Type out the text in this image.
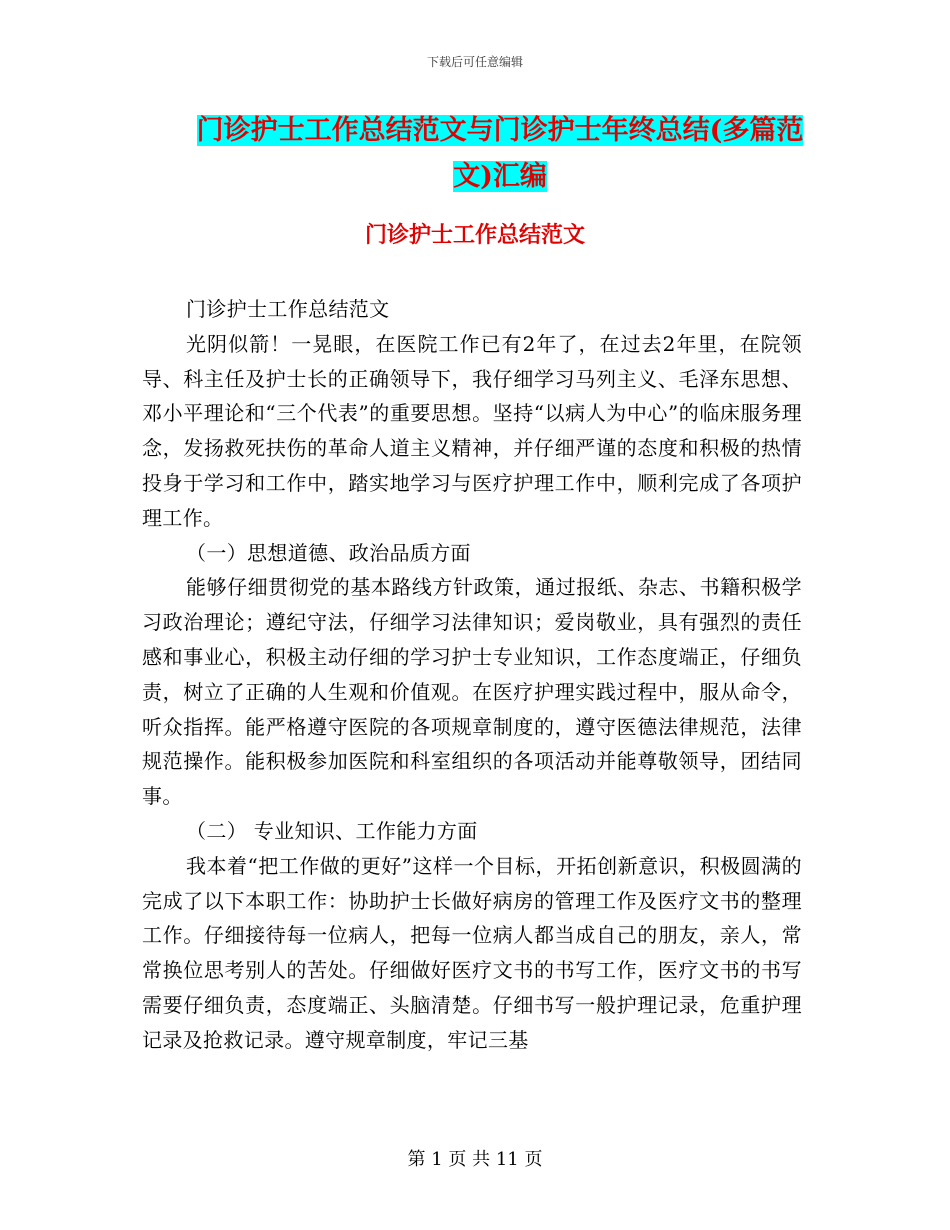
下载后可任意编辑
门诊护士工作总结范文与门诊护士年终总结(多篇范文)汇编
门诊护士工作总结范文

门诊护士工作总结范文

光阴似箭！一晃眼，在医院工作已有2年了，在过去2年里，在院领导、科主任及护士长的正确领导下，我仔细学习马列主义、毛泽东思想、邓小平理论和“三个代表”的重要思想。坚持“以病人为中心”的临床服务理念，发扬救死扶伤的革命人道主义精神，并仔细严谨的态度和积极的热情投身于学习和工作中，踏实地学习与医疗护理工作中，顺利完成了各项护理工作。

（一）思想道德、政治品质方面

能够仔细贯彻党的基本路线方针政策，通过报纸、杂志、书籍积极学习政治理论；遵纪守法，仔细学习法律知识；爱岗敬业，具有强烈的责任感和事业心，积极主动仔细的学习护士专业知识，工作态度端正，仔细负责，树立了正确的人生观和价值观。在医疗护理实践过程中，服从命令，听众指挥。能严格遵守医院的各项规章制度的，遵守医德法律规范，法律规范操作。能积极参加医院和科室组织的各项活动并能尊敬领导，团结同事。

（二） 专业知识、工作能力方面

我本着“把工作做的更好”这样一个目标，开拓创新意识，积极圆满的完成了以下本职工作：协助护士长做好病房的管理工作及医疗文书的整理工作。仔细接待每一位病人，把每一位病人都当成自己的朋友，亲人，常常换位思考别人的苦处。仔细做好医疗文书的书写工作，医疗文书的书写需要仔细负责，态度端正、头脑清楚。仔细书写一般护理记录，危重护理记录及抢救记录。遵守规章制度，牢记三基

第 1 页 共 11 页
